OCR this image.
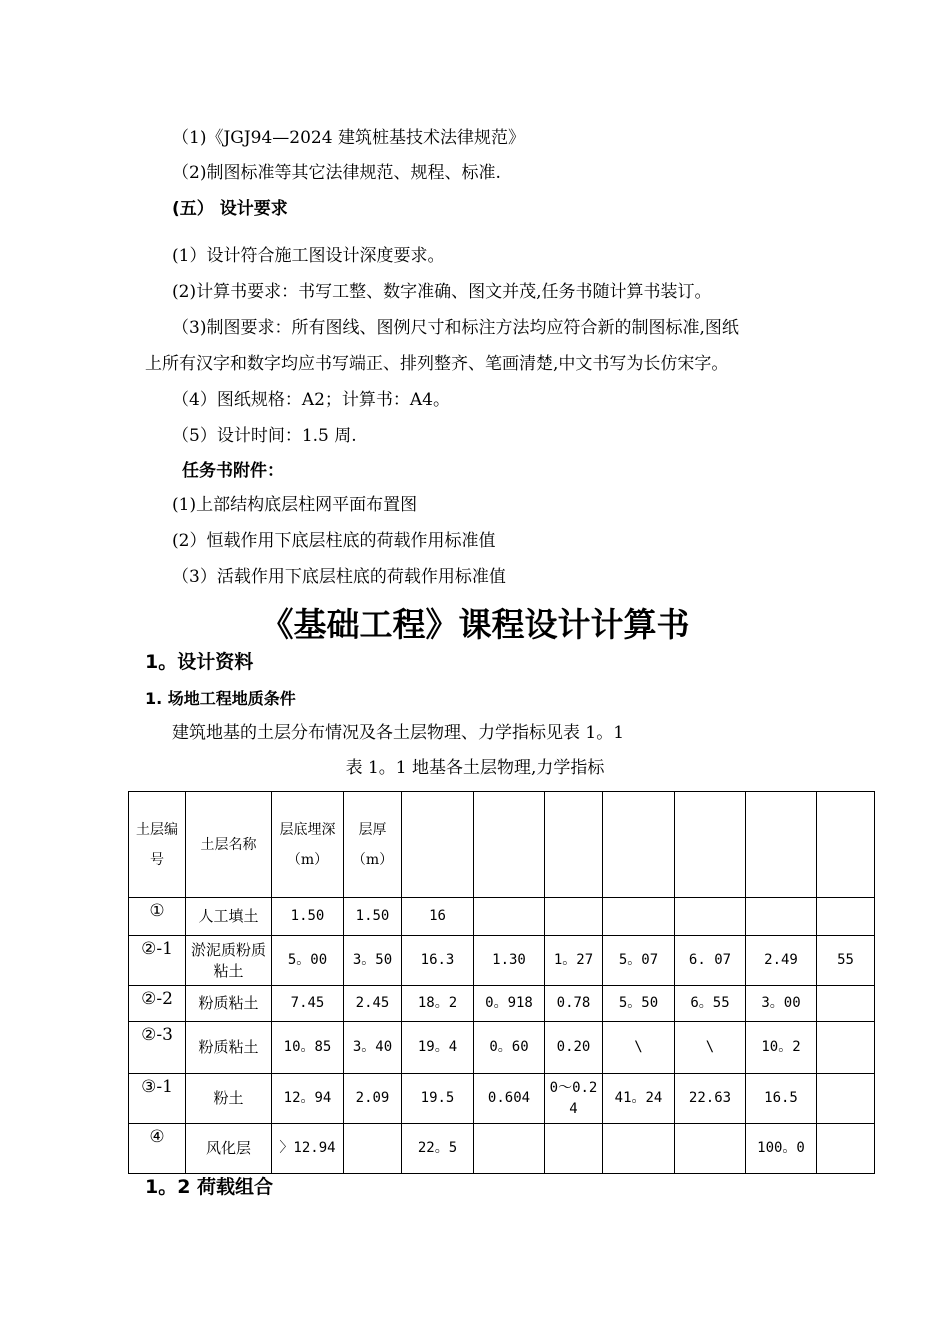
（1)《JGJ94—2024 建筑桩基技术法律规范》
（2)制图标准等其它法律规范、规程、标准.
(五） 设计要求
(1）设计符合施工图设计深度要求。
(2)计算书要求：书写工整、数字准确、图文并茂,任务书随计算书装订。
（3)制图要求：所有图线、图例尺寸和标注方法均应符合新的制图标准,图纸
上所有汉字和数字均应书写端正、排列整齐、笔画清楚,中文书写为长仿宋字。
（4）图纸规格：A2；计算书：A4。
（5）设计时间：1.5 周.
任务书附件：
(1)上部结构底层柱网平面布置图
(2）恒载作用下底层柱底的荷载作用标准值
（3）活载作用下底层柱底的荷载作用标准值
《基础工程》课程设计计算书
1。设计资料
1. 场地工程地质条件
建筑地基的土层分布情况及各土层物理、力学指标见表 1。1
表 1。1 地基各土层物理,力学指标
土层编号	土层名称	层底埋深（m）	层厚（m）							
①	人工填土	1.50	1.50	16						
②-1	淤泥质粉质粘土	5。00	3。50	16.3	1.30	1。27	5。07	6. 07	2.49	55
②-2	粉质粘土	7.45	2.45	18。2	0。918	0.78	5。50	6。55	3。00	
②-3	粉质粘土	10。85	3。40	19。4	0。60	0.20	\	\	10。2	
③-1	粉土	12。94	2.09	19.5	0.604	0～0.24	41。24	22.63	16.5	
④	风化层	〉12.94		22。5					100。0	
1。2 荷载组合
